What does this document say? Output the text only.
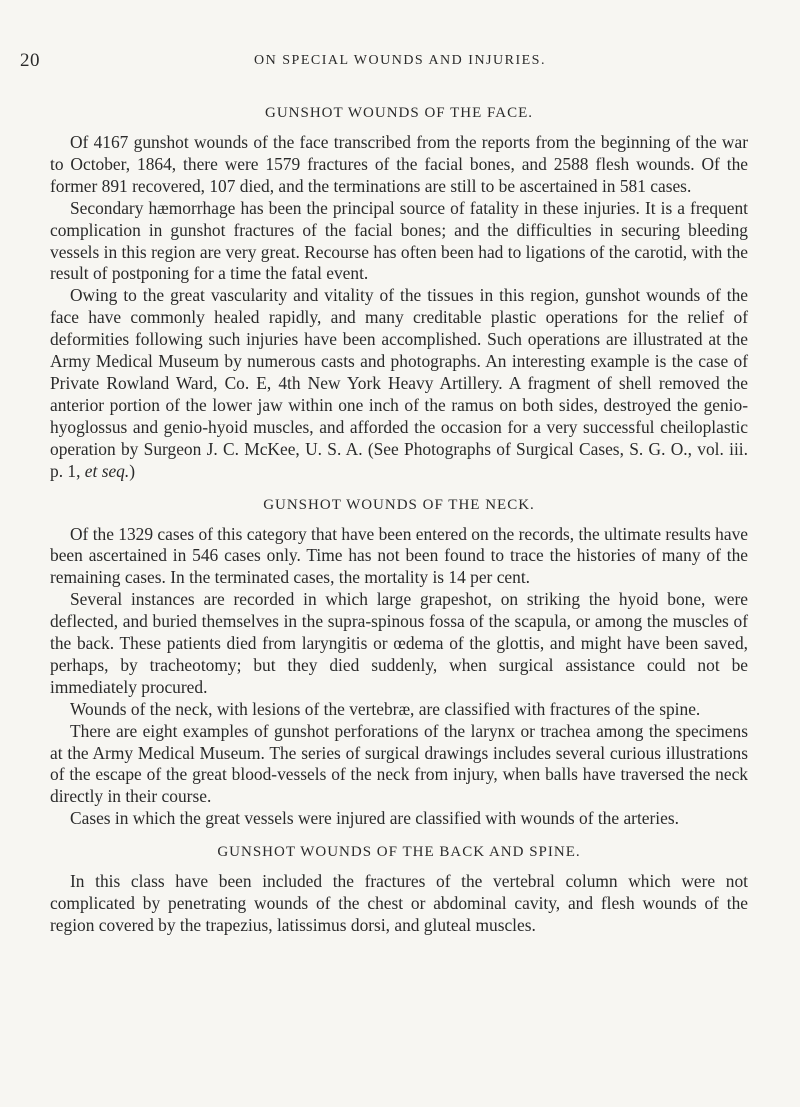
20	ON SPECIAL WOUNDS AND INJURIES.
GUNSHOT WOUNDS OF THE FACE.

Of 4167 gunshot wounds of the face transcribed from the reports from the beginning of the war to October, 1864, there were 1579 fractures of the facial bones, and 2588 flesh wounds. Of the former 891 recovered, 107 died, and the terminations are still to be ascertained in 581 cases.

Secondary hæmorrhage has been the principal source of fatality in these injuries. It is a frequent complication in gunshot fractures of the facial bones; and the difficulties in securing bleeding vessels in this region are very great. Recourse has often been had to ligations of the carotid, with the result of postponing for a time the fatal event.

Owing to the great vascularity and vitality of the tissues in this region, gunshot wounds of the face have commonly healed rapidly, and many creditable plastic operations for the relief of deformities following such injuries have been accomplished. Such operations are illustrated at the Army Medical Museum by numerous casts and photographs. An interesting example is the case of Private Rowland Ward, Co. E, 4th New York Heavy Artillery. A fragment of shell removed the anterior portion of the lower jaw within one inch of the ramus on both sides, destroyed the genio-hyoglossus and genio-hyoid muscles, and afforded the occasion for a very successful cheiloplastic operation by Surgeon J. C. McKee, U. S. A. (See Photographs of Surgical Cases, S. G. O., vol. iii. p. 1, et seq.)

GUNSHOT WOUNDS OF THE NECK.

Of the 1329 cases of this category that have been entered on the records, the ultimate results have been ascertained in 546 cases only. Time has not been found to trace the histories of many of the remaining cases. In the terminated cases, the mortality is 14 per cent.

Several instances are recorded in which large grapeshot, on striking the hyoid bone, were deflected, and buried themselves in the supra-spinous fossa of the scapula, or among the muscles of the back. These patients died from laryngitis or œdema of the glottis, and might have been saved, perhaps, by tracheotomy; but they died suddenly, when surgical assistance could not be immediately procured.

Wounds of the neck, with lesions of the vertebræ, are classified with fractures of the spine.

There are eight examples of gunshot perforations of the larynx or trachea among the specimens at the Army Medical Museum. The series of surgical drawings includes several curious illustrations of the escape of the great blood-vessels of the neck from injury, when balls have traversed the neck directly in their course.

Cases in which the great vessels were injured are classified with wounds of the arteries.

GUNSHOT WOUNDS OF THE BACK AND SPINE.

In this class have been included the fractures of the vertebral column which were not complicated by penetrating wounds of the chest or abdominal cavity, and flesh wounds of the region covered by the trapezius, latissimus dorsi, and gluteal muscles.
